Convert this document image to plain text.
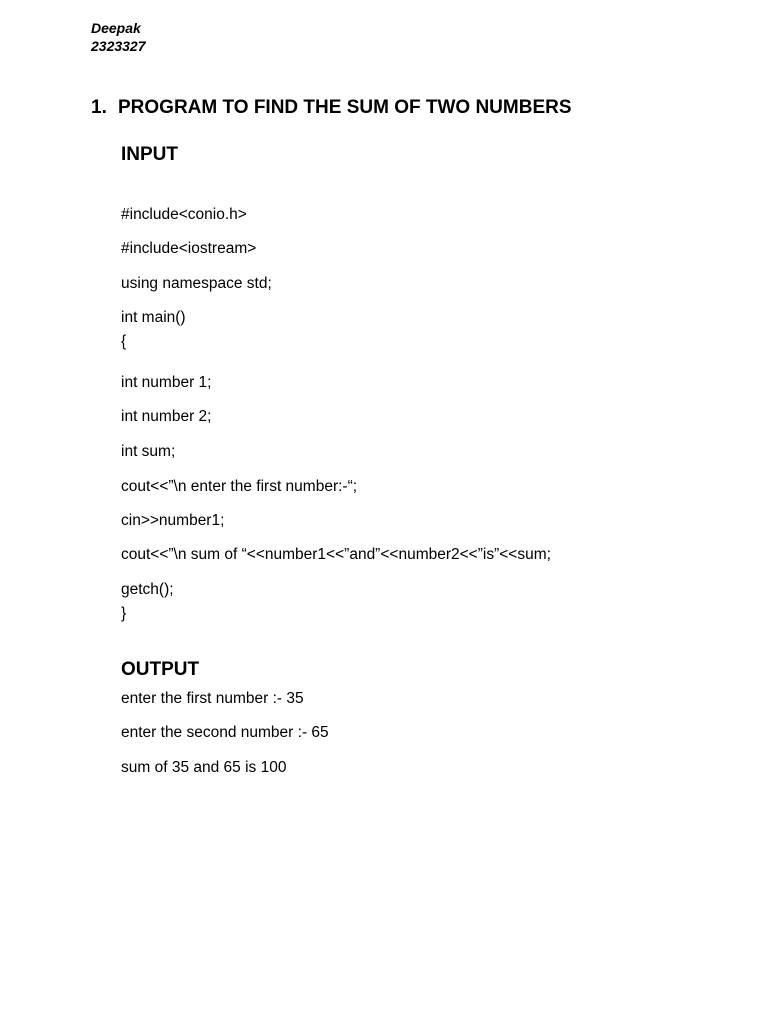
Deepak
2323327
1. PROGRAM TO FIND THE SUM OF TWO NUMBERS
INPUT
#include<conio.h>
#include<iostream>
using namespace std;
int main()
{
int number 1;
int number 2;
int sum;
cout<<”\n enter the first number:-“;
cin>>number1;
cout<<”\n sum of “<<number1<<”and”<<number2<<”is”<<sum;
getch();
}
OUTPUT
enter the first number :- 35
enter the second number :- 65
sum of 35 and 65 is 100
